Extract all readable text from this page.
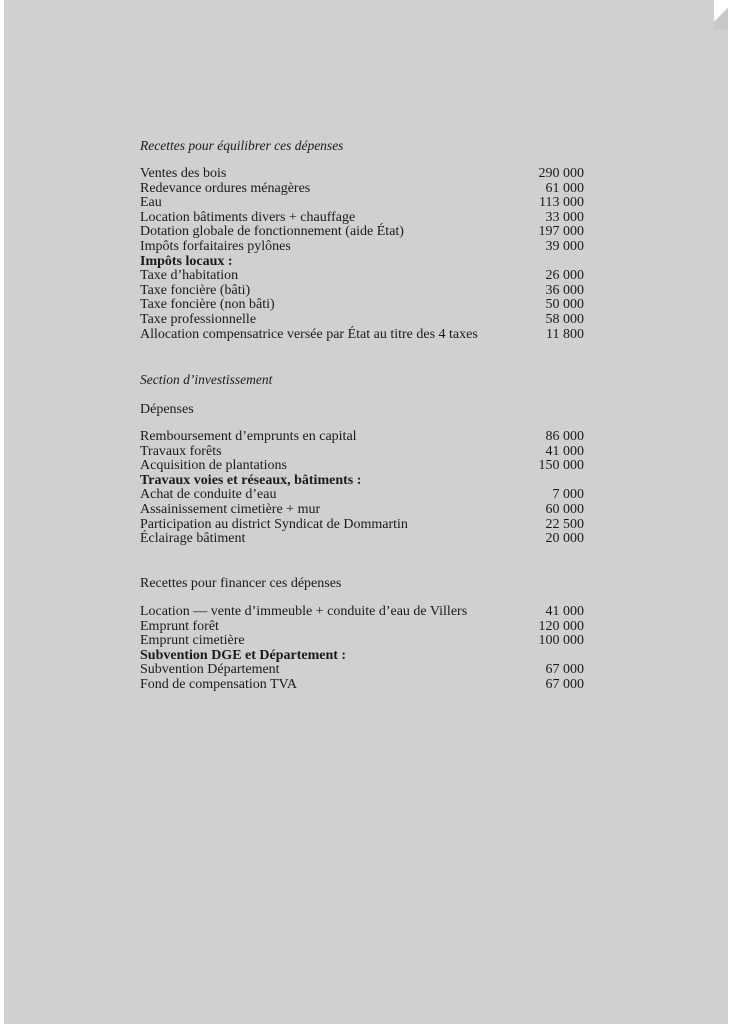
Recettes pour équilibrer ces dépenses
Ventes des bois	290 000
Redevance ordures ménagères	61 000
Eau	113 000
Location bâtiments divers + chauffage	33 000
Dotation globale de fonctionnement (aide État)	197 000
Impôts forfaitaires pylônes	39 000
Impôts locaux :
Taxe d’habitation	26 000
Taxe foncière (bâti)	36 000
Taxe foncière (non bâti)	50 000
Taxe professionnelle	58 000
Allocation compensatrice versée par État au titre des 4 taxes	11 800
Section d’investissement
Dépenses
Remboursement d’emprunts en capital	86 000
Travaux forêts	41 000
Acquisition de plantations	150 000
Travaux voies et réseaux, bâtiments :
Achat de conduite d’eau	7 000
Assainissement cimetière + mur	60 000
Participation au district Syndicat de Dommartin	22 500
Éclairage bâtiment	20 000
Recettes pour financer ces dépenses
Location — vente d’immeuble + conduite d’eau de Villers	41 000
Emprunt forêt	120 000
Emprunt cimetière	100 000
Subvention DGE et Département :
Subvention Département	67 000
Fond de compensation TVA	67 000
